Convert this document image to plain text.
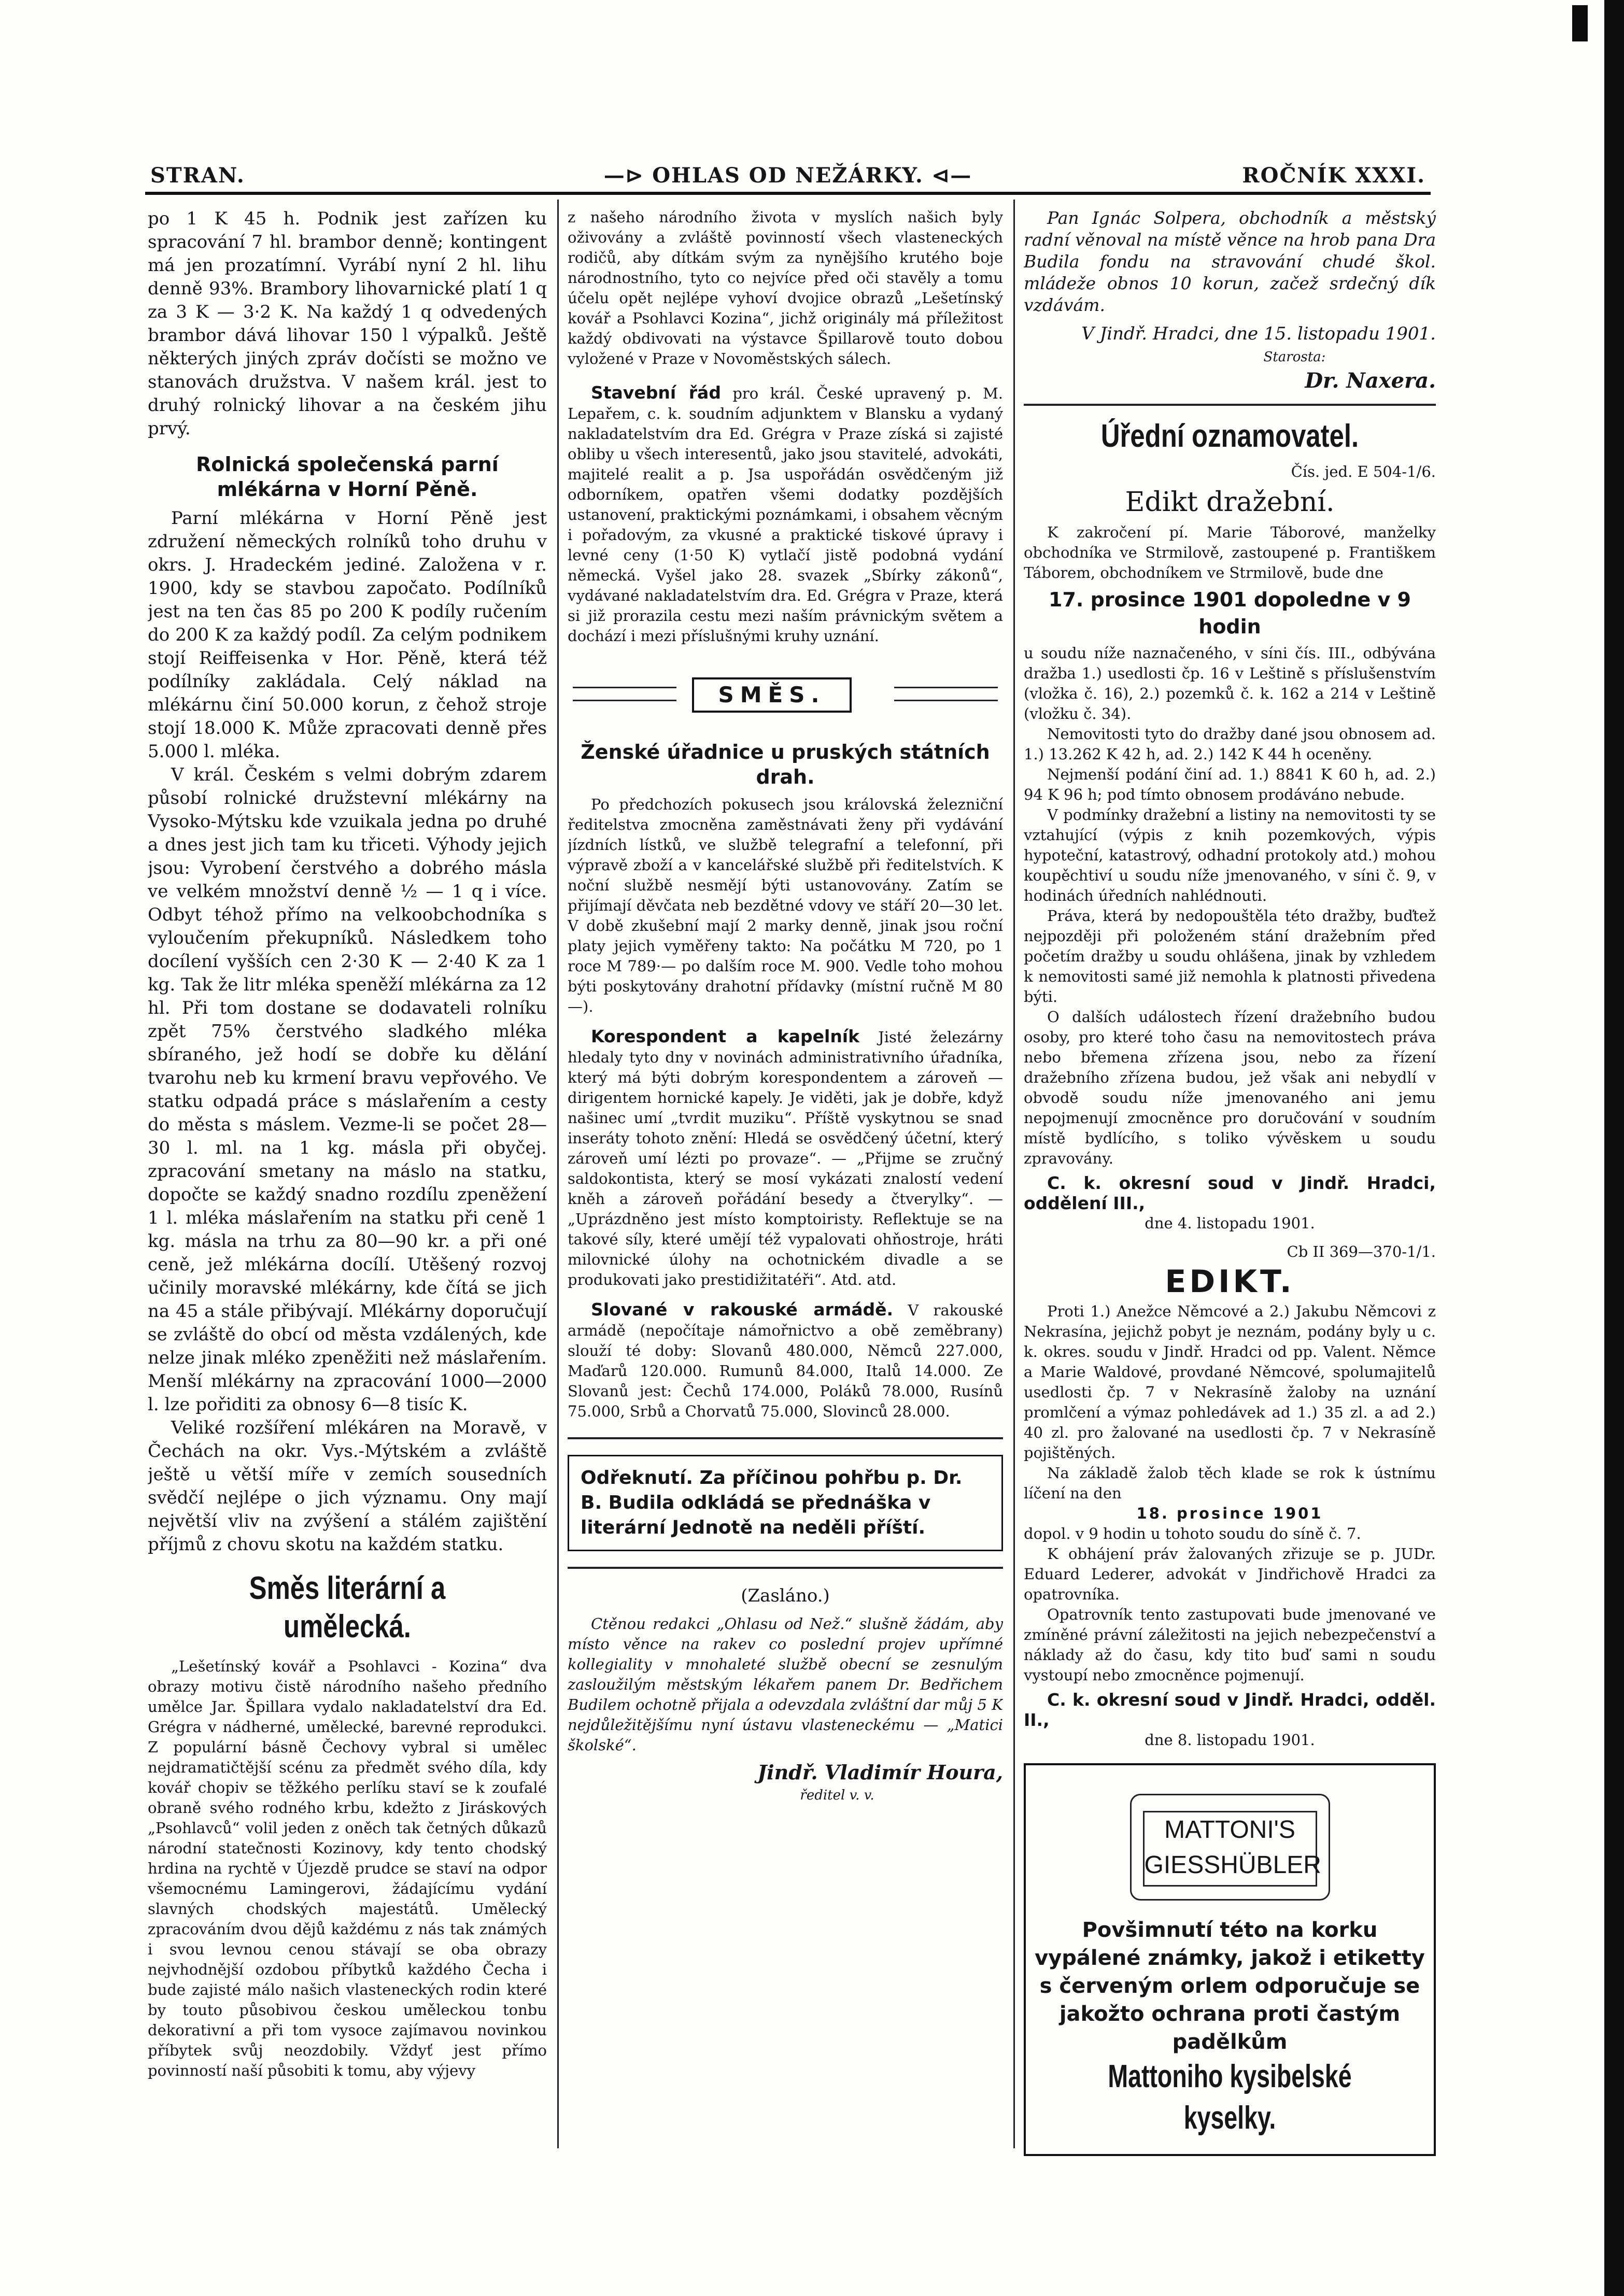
STRAN.	—⊳ OHLAS OD NEŽÁRKY. ⊲—	ROČNÍK XXXI.

po 1 K 45 h. Podnik jest zařízen ku spracování 7 hl. brambor denně; kontingent má jen prozatímní. Vyrábí nyní 2 hl. lihu denně 93%. Brambory lihovarnické platí 1 q za 3 K — 3·2 K. Na každý 1 q odvedených brambor dává lihovar 150 l výpalků. Ještě některých jiných zpráv dočísti se možno ve stanovách družstva. V našem král. jest to druhý rolnický lihovar a na českém jihu prvý.

Rolnická společenská parní mlékárna v Horní Pěně.

Parní mlékárna v Horní Pěně jest združení německých rolníků toho druhu v okrs. J. Hradeckém jediné. Založena v r. 1900, kdy se stavbou započato. Podílníků jest na ten čas 85 po 200 K podíly ručením do 200 K za každý podíl. Za celým podnikem stojí Reiffeisenka v Hor. Pěně, která též podílníky zakládala. Celý náklad na mlékárnu činí 50.000 korun, z čehož stroje stojí 18.000 K. Může zpracovati denně přes 5.000 l. mléka.

V král. Českém s velmi dobrým zdarem působí rolnické družstevní mlékárny na Vysoko-Mýtsku kde vzuikala jedna po druhé a dnes jest jich tam ku třiceti. Výhody jejich jsou: Vyrobení čerstvého a dobrého másla ve velkém množství denně ½ — 1 q i více. Odbyt téhož přímo na velkoobchodníka s vyloučením překupníků. Následkem toho docílení vyšších cen 2·30 K — 2·40 K za 1 kg. Tak že litr mléka speněží mlékárna za 12 hl. Při tom dostane se dodavateli rolníku zpět 75% čerstvého sladkého mléka sbíraného, jež hodí se dobře ku dělání tvarohu neb ku krmení bravu vepřového. Ve statku odpadá práce s máslařením a cesty do města s máslem. Vezme-li se počet 28—30 l. ml. na 1 kg. másla při obyčej. zpracování smetany na máslo na statku, dopočte se každý snadno rozdílu zpeněžení 1 l. mléka máslařením na statku při ceně 1 kg. másla na trhu za 80—90 kr. a při oné ceně, jež mlékárna docílí. Utěšený rozvoj učinily moravské mlékárny, kde čítá se jich na 45 a stále přibývají. Mlékárny doporučují se zvláště do obcí od města vzdálených, kde nelze jinak mléko zpeněžiti než máslařením. Menší mlékárny na zpracování 1000—2000 l. lze pořiditi za obnosy 6—8 tisíc K.

Veliké rozšíření mlékáren na Moravě, v Čechách na okr. Vys.-Mýtském a zvláště ještě u větší míře v zemích sousedních svědčí nejlépe o jich významu. Ony mají největší vliv na zvýšení a stálém zajištění příjmů z chovu skotu na každém statku.

Směs literární a umělecká.

„Lešetínský kovář a Psohlavci - Kozina“ dva obrazy motivu čistě národního našeho předního umělce Jar. Špillara vydalo nakladatelství dra Ed. Grégra v nádherné, umělecké, barevné reprodukci. Z populární básně Čechovy vybral si umělec nejdramatičtější scénu za předmět svého díla, kdy kovář chopiv se těžkého perlíku staví se k zoufalé obraně svého rodného krbu, kdežto z Jiráskových „Psohlavců“ volil jeden z oněch tak četných důkazů národní statečnosti Kozinovy, kdy tento chodský hrdina na rychtě v Újezdě prudce se staví na odpor všemocnému Lamingerovi, žádajícímu vydání slavných chodských majestátů. Umělecký zpracováním dvou dějů každému z nás tak známých i svou levnou cenou stávají se oba obrazy nejvhodnější ozdobou příbytků každého Čecha i bude zajisté málo našich vlasteneckých rodin které by touto působivou českou uměleckou tonbu dekorativní a při tom vysoce zajímavou novinkou příbytek svůj neozdobily. Vždyť jest přímo povinností naší působiti k tomu, aby výjevy

z našeho národního života v myslích našich byly oživovány a zvláště povinností všech vlasteneckých rodičů, aby dítkám svým za nynějšího krutého boje národnostního, tyto co nejvíce před oči stavěly a tomu účelu opět nejlépe vyhoví dvojice obrazů „Lešetínský kovář a Psohlavci Kozina“, jichž originály má příležitost každý obdivovati na výstavce Špillarově touto dobou vyložené v Praze v Novoměstských sálech.

Stavební řád pro král. České upravený p. M. Lepařem, c. k. soudním adjunktem v Blansku a vydaný nakladatelstvím dra Ed. Grégra v Praze získá si zajisté obliby u všech interesentů, jako jsou stavitelé, advokáti, majitelé realit a p. Jsa uspořádán osvědčeným již odborníkem, opatřen všemi dodatky pozdějších ustanovení, praktickými poznámkami, i obsahem věcným i pořadovým, za vkusné a praktické tiskové úpravy i levné ceny (1·50 K) vytlačí jistě podobná vydání německá. Vyšel jako 28. svazek „Sbírky zákonů“, vydávané nakladatelstvím dra. Ed. Grégra v Praze, která si již prorazila cestu mezi naším právnickým světem a dochází i mezi příslušnými kruhy uznání.

SMĚS.
Ženské úřadnice u pruských státních drah.

Po předchozích pokusech jsou královská železniční ředitelstva zmocněna zaměstnávati ženy při vydávání jízdních lístků, ve službě telegrafní a telefonní, při výpravě zboží a v kancelářské službě při ředitelstvích. K noční službě nesmějí býti ustanovovány. Zatím se přijímají děvčata neb bezdětné vdovy ve stáří 20—30 let. V době zkušební mají 2 marky denně, jinak jsou roční platy jejich vyměřeny takto: Na počátku M 720, po 1 roce M 789·— po dalším roce M. 900. Vedle toho mohou býti poskytovány drahotní přídavky (místní ručně M 80 —).

Korespondent a kapelník Jisté železárny hledaly tyto dny v novinách administrativního úřadníka, který má býti dobrým korespondentem a zároveň — dirigentem hornické kapely. Je viděti, jak je dobře, když našinec umí „tvrdit muziku“. Příště vyskytnou se snad inseráty tohoto znění: Hledá se osvědčený účetní, který zároveň umí lézti po provaze“. — „Přijme se zručný saldokontista, který se mosí vykázati znalostí vedení kněh a zároveň pořádání besedy a čtverylky“. — „Uprázdněno jest místo komptoiristy. Reflektuje se na takové síly, které umějí též vypalovati ohňostroje, hráti milovnické úlohy na ochotnickém divadle a se produkovati jako prestidižitatéři“. Atd. atd.

Slované v rakouské armádě. V rakouské armádě (nepočítaje námořnictvo a obě zeměbrany) slouží té doby: Slovanů 480.000, Němců 227.000, Maďarů 120.000. Rumunů 84.000, Italů 14.000. Ze Slovanů jest: Čechů 174.000, Poláků 78.000, Rusínů 75.000, Srbů a Chorvatů 75.000, Slovinců 28.000.

Odřeknutí. Za příčinou pohřbu p. Dr. B. Budila odkládá se přednáška v literární Jednotě na neděli příští.

(Zasláno.)

Ctěnou redakci „Ohlasu od Než.“ slušně žádám, aby místo věnce na rakev co poslední projev upřímné kollegiality v mnohaleté službě obecní se zesnulým zasloužilým městským lékařem panem Dr. Bedřichem Budilem ochotně přijala a odevzdala zvláštní dar můj 5 K nejdůležitějšímu nyní ústavu vlasteneckému — „Matici školské“.

Jindř. Vladimír Houra,

ředitel v. v.

Pan Ignác Solpera, obchodník a městský radní věnoval na místě věnce na hrob pana Dra Budila fondu na stravování chudé škol. mládeže obnos 10 korun, začež srdečný dík vzdávám.

V Jindř. Hradci, dne 15. listopadu 1901.

Starosta:

Dr. Naxera.

Úřední oznamovatel.

Čís. jed. E 504-1/6.

Edikt dražební.

K zakročení pí. Marie Táborové, manželky obchodníka ve Strmilově, zastoupené p. Františkem Táborem, obchodníkem ve Strmilově, bude dne

17. prosince 1901 dopoledne v 9 hodin

u soudu níže naznačeného, v síni čís. III., odbývána dražba 1.) usedlosti čp. 16 v Leštině s příslušenstvím (vložka č. 16), 2.) pozemků č. k. 162 a 214 v Leštině (vložku č. 34).

Nemovitosti tyto do dražby dané jsou obnosem ad. 1.) 13.262 K 42 h, ad. 2.) 142 K 44 h oceněny.

Nejmenší podání činí ad. 1.) 8841 K 60 h, ad. 2.) 94 K 96 h; pod tímto obnosem prodáváno nebude.

V podmínky dražební a listiny na nemovitosti ty se vztahující (výpis z knih pozemkových, výpis hypoteční, katastrový, odhadní protokoly atd.) mohou koupěchtiví u soudu níže jmenovaného, v síni č. 9, v hodinách úředních nahlédnouti.

Práva, která by nedopouštěla této dražby, buďtež nejpozději při položeném stání dražebním před početím dražby u soudu ohlášena, jinak by vzhledem k nemovitosti samé již nemohla k platnosti přivedena býti.

O dalších událostech řízení dražebního budou osoby, pro které toho času na nemovitostech práva nebo břemena zřízena jsou, nebo za řízení dražebního zřízena budou, jež však ani nebydlí v obvodě soudu níže jmenovaného ani jemu nepojmenují zmocněnce pro doručování v soudním místě bydlícího, s toliko vývěskem u soudu zpravovány.

C. k. okresní soud v Jindř. Hradci, oddělení III.,

dne 4. listopadu 1901.

Cb II 369—370-1/1.

EDIKT.

Proti 1.) Anežce Němcové a 2.) Jakubu Němcovi z Nekrasína, jejichž pobyt je neznám, podány byly u c. k. okres. soudu v Jindř. Hradci od pp. Valent. Němce a Marie Waldové, provdané Němcové, spolumajitelů usedlosti čp. 7 v Nekrasíně žaloby na uznání promlčení a výmaz pohledávek ad 1.) 35 zl. a ad 2.) 40 zl. pro žalované na usedlosti čp. 7 v Nekrasíně pojištěných.

Na základě žalob těch klade se rok k ústnímu líčení na den

18. prosince 1901

dopol. v 9 hodin u tohoto soudu do síně č. 7.

K obhájení práv žalovaných zřizuje se p. JUDr. Eduard Lederer, advokát v Jindřichově Hradci za opatrovníka.

Opatrovník tento zastupovati bude jmenované ve zmíněné právní záležitosti na jejich nebezpečenství a náklady až do času, kdy tito buď sami n soudu vystoupí nebo zmocněnce pojmenují.

C. k. okresní soud v Jindř. Hradci, odděl. II.,

dne 8. listopadu 1901.

MATTONI'S GIESSHÜBLER
Povšimnutí této na korku vypálené známky, jakož i etiketty s červeným orlem odporučuje se jakožto ochrana proti častým padělkům
Mattoniho kysibelské kyselky.
